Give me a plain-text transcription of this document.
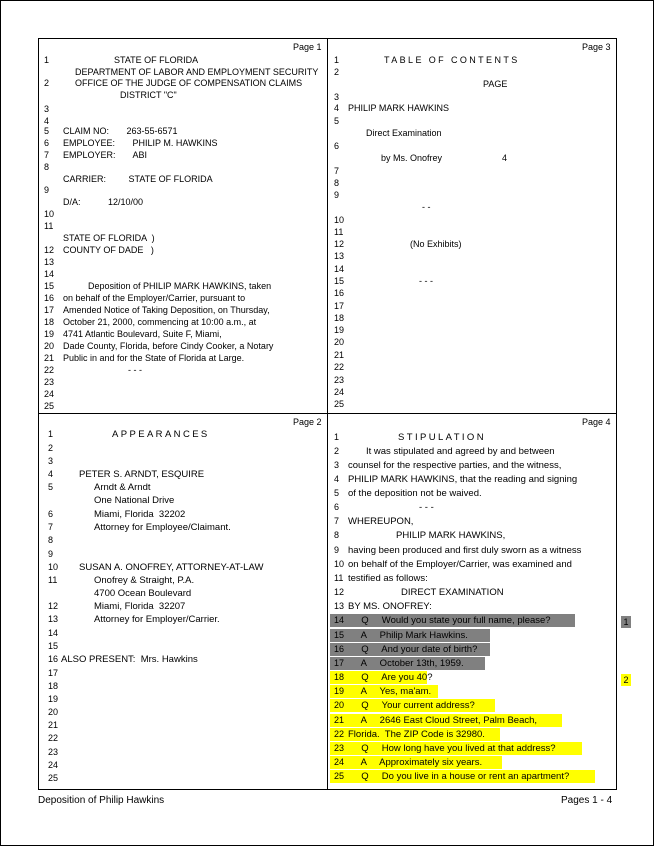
Page 1	Page 3
Page 2	Page 4
1	STATE OF FLORIDA
DEPARTMENT OF LABOR AND EMPLOYMENT SECURITY
2	OFFICE OF THE JUDGE OF COMPENSATION CLAIMS
DISTRICT "C"
3
4
5 CLAIM NO:       263-55-6571
6 EMPLOYEE:       PHILIP M. HAWKINS
7 EMPLOYER:       ABI
8
CARRIER:         STATE OF FLORIDA
9
D/A:           12/10/00
10
11
STATE OF FLORIDA  )
12 COUNTY OF DADE   )
13
14
15 Deposition of PHILIP MARK HAWKINS, taken
16 on behalf of the Employer/Carrier, pursuant to
17 Amended Notice of Taking Deposition, on Thursday,
18 October 21, 2000, commencing at 10:00 a.m., at
19 4741 Atlantic Boulevard, Suite F, Miami,
20 Dade County, Florida, before Cindy Cooker, a Notary
21 Public in and for the State of Florida at Large.
22 - - -
23
24
25
1	TABLE OF CONTENTS
2
PAGE
3
4 PHILIP MARK HAWKINS
5
Direct Examination
6
by Ms. Onofrey                        4
7
8
9
- -
10
11
12	(No Exhibits)
13
14
15	- - -
16
17
18
19
20
21
22
23
24
25
1	APPEARANCES
2
3
4	PETER S. ARNDT, ESQUIRE
5	Arndt & Arndt
One National Drive
6	Miami, Florida  32202
7	Attorney for Employee/Claimant.
8
9
10 SUSAN A. ONOFREY, ATTORNEY-AT-LAW
11	Onofrey & Straight, P.A.
4700 Ocean Boulevard
12	Miami, Florida  32207
13	Attorney for Employer/Carrier.
14
15
16 ALSO PRESENT:  Mrs. Hawkins
17
18
19
20
21
22
23
24
25
1	STIPULATION
2	It was stipulated and agreed by and between
3 counsel for the respective parties, and the witness,
4 PHILIP MARK HAWKINS, that the reading and signing
5 of the deposition not be waived.
6	- - -
7 WHEREUPON,
8	PHILIP MARK HAWKINS,
9 having been produced and first duly sworn as a witness
10 on behalf of the Employer/Carrier, was examined and
11 testified as follows:
12	DIRECT EXAMINATION
13 BY MS. ONOFREY:
14 Q     Would you state your full name, please?
15 A     Philip Mark Hawkins.
16 Q     And your date of birth?
17 A     October 13th, 1959.
18 Q     Are you 40?
19 A     Yes, ma'am.
20 Q     Your current address?
21 A     2646 East Cloud Street, Palm Beach,
22 Florida.  The ZIP Code is 32980.
23 Q     How long have you lived at that address?
24 A     Approximately six years.
25 Q     Do you live in a house or rent an apartment?
1
2
Deposition of Philip Hawkins	Pages 1 - 4
